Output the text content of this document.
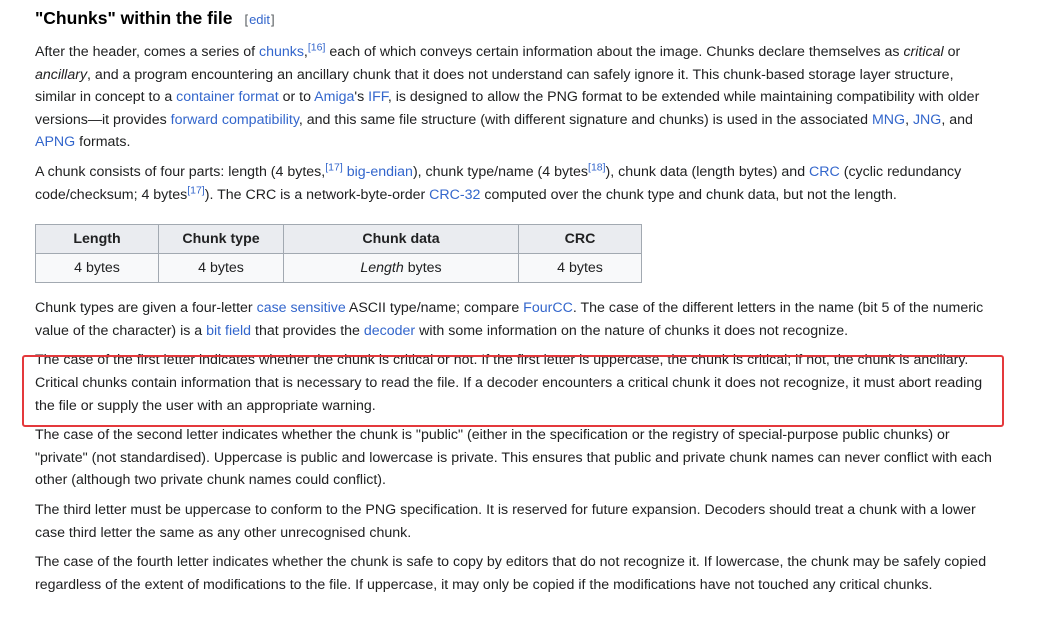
"Chunks" within the file [edit]

After the header, comes a series of chunks,[16] each of which conveys certain information about the image. Chunks declare themselves as critical or ancillary, and a program encountering an ancillary chunk that it does not understand can safely ignore it. This chunk-based storage layer structure, similar in concept to a container format or to Amiga's IFF, is designed to allow the PNG format to be extended while maintaining compatibility with older versions—it provides forward compatibility, and this same file structure (with different signature and chunks) is used in the associated MNG, JNG, and APNG formats.

A chunk consists of four parts: length (4 bytes,[17] big-endian), chunk type/name (4 bytes[18]), chunk data (length bytes) and CRC (cyclic redundancy code/checksum; 4 bytes[17]). The CRC is a network-byte-order CRC-32 computed over the chunk type and chunk data, but not the length.

Length	Chunk type	Chunk data	CRC
4 bytes	4 bytes	Length bytes	4 bytes

Chunk types are given a four-letter case sensitive ASCII type/name; compare FourCC. The case of the different letters in the name (bit 5 of the numeric value of the character) is a bit field that provides the decoder with some information on the nature of chunks it does not recognize.

The case of the first letter indicates whether the chunk is critical or not. If the first letter is uppercase, the chunk is critical; if not, the chunk is ancillary. Critical chunks contain information that is necessary to read the file. If a decoder encounters a critical chunk it does not recognize, it must abort reading the file or supply the user with an appropriate warning.

The case of the second letter indicates whether the chunk is "public" (either in the specification or the registry of special-purpose public chunks) or "private" (not standardised). Uppercase is public and lowercase is private. This ensures that public and private chunk names can never conflict with each other (although two private chunk names could conflict).

The third letter must be uppercase to conform to the PNG specification. It is reserved for future expansion. Decoders should treat a chunk with a lower case third letter the same as any other unrecognised chunk.

The case of the fourth letter indicates whether the chunk is safe to copy by editors that do not recognize it. If lowercase, the chunk may be safely copied regardless of the extent of modifications to the file. If uppercase, it may only be copied if the modifications have not touched any critical chunks.
